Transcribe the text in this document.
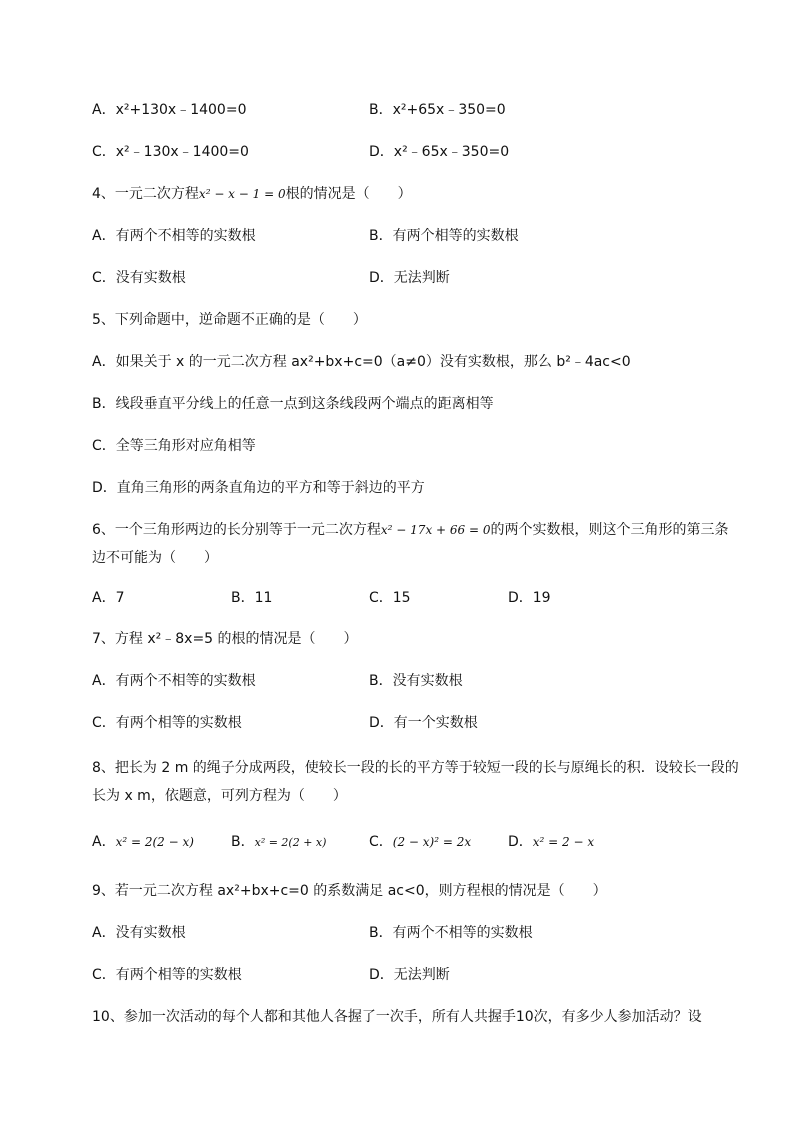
A．x²+130x﹣1400=0	B．x²+65x﹣350=0
C．x²﹣130x﹣1400=0	D．x²﹣65x﹣350=0
4、一元二次方程x² − x − 1 = 0根的情况是（　　）
A．有两个不相等的实数根	B．有两个相等的实数根
C．没有实数根	D．无法判断
5、下列命题中，逆命题不正确的是（　　）
A．如果关于 x 的一元二次方程 ax²+bx+c=0（a≠0）没有实数根，那么 b²﹣4ac<0
B．线段垂直平分线上的任意一点到这条线段两个端点的距离相等
C．全等三角形对应角相等
D．直角三角形的两条直角边的平方和等于斜边的平方
6、一个三角形两边的长分别等于一元二次方程x² − 17x + 66 = 0的两个实数根，则这个三角形的第三条边不可能为（　　）
A．7	B．11	C．15	D．19
7、方程 x²﹣8x=5 的根的情况是（　　）
A．有两个不相等的实数根	B．没有实数根
C．有两个相等的实数根	D．有一个实数根
8、把长为 2 m 的绳子分成两段，使较长一段的长的平方等于较短一段的长与原绳长的积．设较长一段的长为 x m，依题意，可列方程为（　　）
A．x² = 2(2 − x)	B．x² = 2(2 + x)	C．(2 − x)² = 2x	D．x² = 2 − x
9、若一元二次方程 ax²+bx+c=0 的系数满足 ac<0，则方程根的情况是（　　）
A．没有实数根	B．有两个不相等的实数根
C．有两个相等的实数根	D．无法判断
10、参加一次活动的每个人都和其他人各握了一次手，所有人共握手10次，有多少人参加活动？设
